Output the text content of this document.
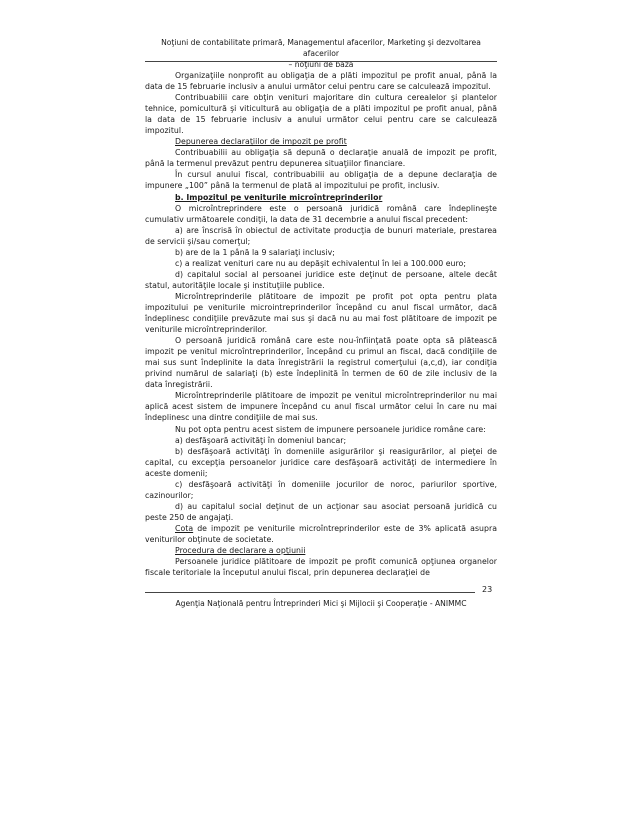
Noţiuni de contabilitate primară, Managementul afacerilor, Marketing şi dezvoltarea afacerilor
– noţiuni de bază

Organizaţiile nonprofit au obligaţia de a plăti impozitul pe profit anual, până la data de 15 februarie inclusiv a anului următor celui pentru care se calculează impozitul.

Contribuabilii care obţin venituri majoritare din cultura cerealelor şi plantelor tehnice, pomicultură şi viticultură au obligaţia de a plăti impozitul pe profit anual, până la data de 15 februarie inclusiv a anului următor celui pentru care se calculează impozitul.

Depunerea declaraţiilor de impozit pe profit

Contribuabilii au obligaţia să depună o declaraţie anuală de impozit pe profit, până la termenul prevăzut pentru depunerea situaţiilor financiare.

În cursul anului fiscal, contribuabilii au obligaţia de a depune declaraţia de impunere „100” până la termenul de plată al impozitului pe profit, inclusiv.

b. Impozitul pe veniturile microîntreprinderilor

O microîntreprindere este o persoană juridică română care îndeplineşte cumulativ următoarele condiţii, la data de 31 decembrie a anului fiscal precedent:

a) are înscrisă în obiectul de activitate producţia de bunuri materiale, prestarea de servicii şi/sau comerţul;

b) are de la 1 până la 9 salariaţi inclusiv;

c) a realizat venituri care nu au depăşit echivalentul în lei a 100.000 euro;

d) capitalul social al persoanei juridice este deţinut de persoane, altele decât statul, autorităţile locale şi instituţiile publice.

Microîntreprinderile plătitoare de impozit pe profit pot opta pentru plata impozitului pe veniturile microintreprinderilor începând cu anul fiscal următor, dacă îndeplinesc condiţiile prevăzute mai sus şi dacă nu au mai fost plătitoare de impozit pe veniturile microîntreprinderilor.

O persoană juridică română care este nou-înfiinţată poate opta să plătească impozit pe venitul microîntreprinderilor, începând cu primul an fiscal, dacă condiţiile de mai sus sunt îndeplinite la data înregistrării la registrul comerţului (a,c,d), iar condiţia privind numărul de salariaţi (b) este îndeplinită în termen de 60 de zile inclusiv de la data înregistrării.

Microîntreprinderile plătitoare de impozit pe venitul microîntreprinderilor nu mai aplică acest sistem de impunere începând cu anul fiscal următor celui în care nu mai îndeplinesc una dintre condiţiile de mai sus.

Nu pot opta pentru acest sistem de impunere persoanele juridice române care:

a) desfăşoară activităţi în domeniul bancar;

b) desfăşoară activităţi în domeniile asigurărilor şi reasigurărilor, al pieţei de capital, cu excepţia persoanelor juridice care desfăşoară activităţi de intermediere în aceste domenii;

c) desfăşoară activităţi în domeniile jocurilor de noroc, pariurilor sportive, cazinourilor;

d) au capitalul social deţinut de un acţionar sau asociat persoană juridică cu peste 250 de angajaţi.

Cota de impozit pe veniturile microîntreprinderilor este de 3% aplicată asupra veniturilor obţinute de societate.

Procedura de declarare a opţiunii

Persoanele juridice plătitoare de impozit pe profit comunică opţiunea organelor fiscale teritoriale la începutul anului fiscal, prin depunerea declaraţiei de

23
Agenţia Naţională pentru Întreprinderi Mici şi Mijlocii şi Cooperaţie - ANIMMC
